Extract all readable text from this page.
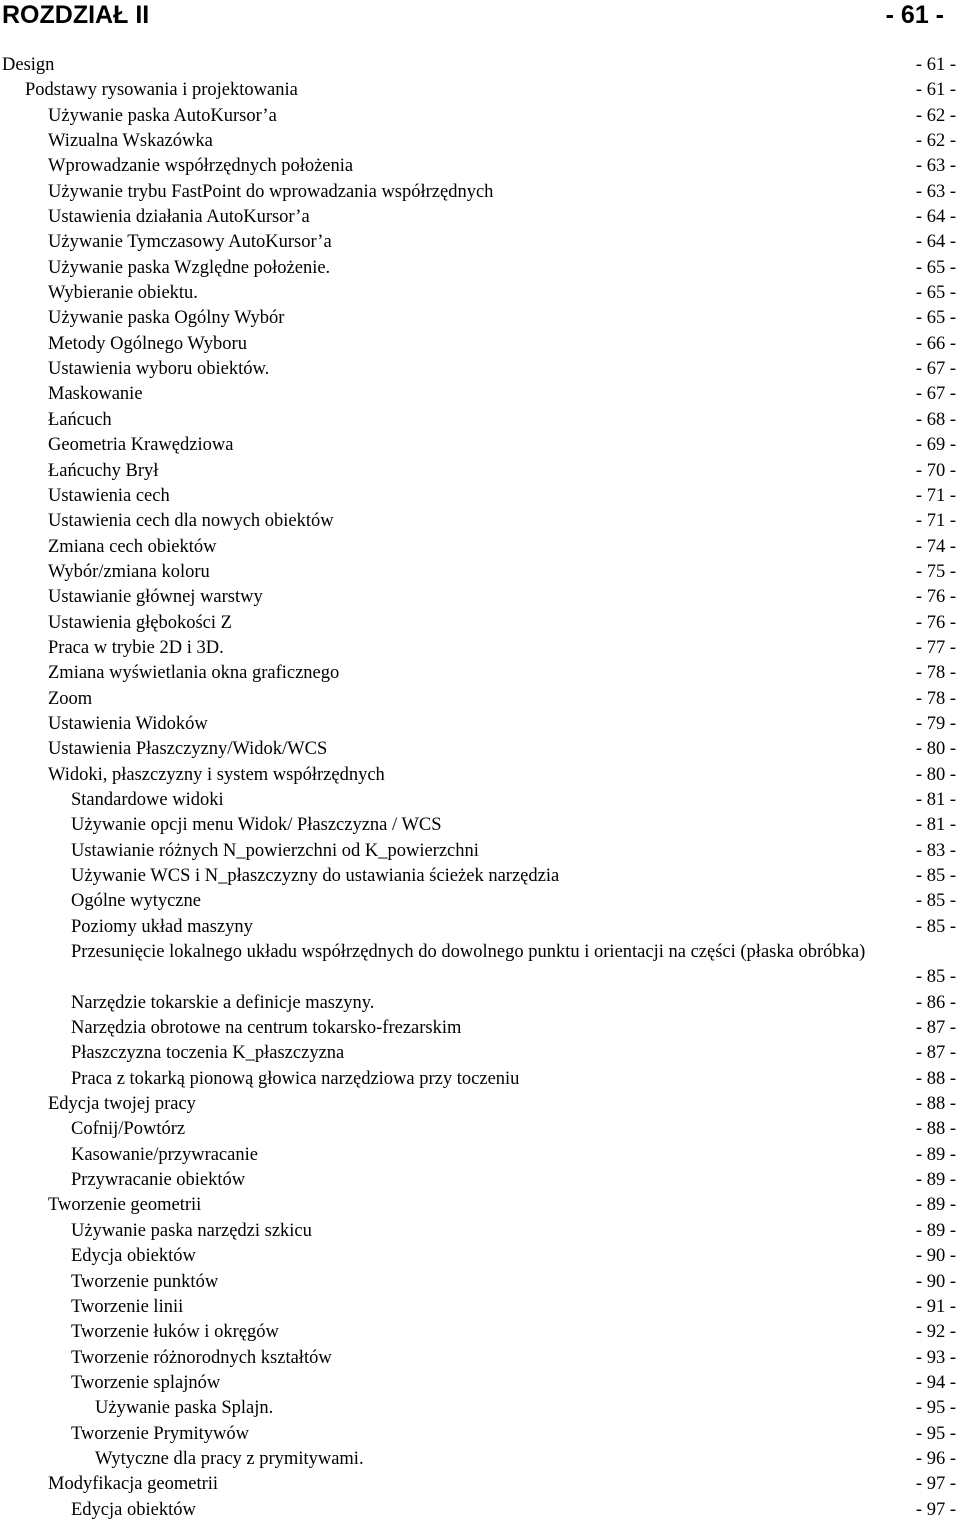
ROZDZIAŁ II	- 61 -
Design	- 61 -
Podstawy rysowania i projektowania	- 61 -
Używanie paska AutoKursor’a	- 62 -
Wizualna Wskazówka	- 62 -
Wprowadzanie współrzędnych położenia	- 63 -
Używanie trybu FastPoint do wprowadzania współrzędnych	- 63 -
Ustawienia działania AutoKursor’a	- 64 -
Używanie Tymczasowy AutoKursor’a	- 64 -
Używanie paska Względne położenie.	- 65 -
Wybieranie obiektu.	- 65 -
Używanie paska Ogólny Wybór	- 65 -
Metody Ogólnego Wyboru	- 66 -
Ustawienia wyboru obiektów.	- 67 -
Maskowanie	- 67 -
Łańcuch	- 68 -
Geometria Krawędziowa	- 69 -
Łańcuchy Brył	- 70 -
Ustawienia cech	- 71 -
Ustawienia cech dla nowych obiektów	- 71 -
Zmiana cech obiektów	- 74 -
Wybór/zmiana koloru	- 75 -
Ustawianie głównej warstwy	- 76 -
Ustawienia głębokości Z	- 76 -
Praca w trybie 2D i 3D.	- 77 -
Zmiana wyświetlania okna graficznego	- 78 -
Zoom	- 78 -
Ustawienia Widoków	- 79 -
Ustawienia Płaszczyzny/Widok/WCS	- 80 -
Widoki, płaszczyzny i system współrzędnych	- 80 -
Standardowe widoki	- 81 -
Używanie opcji menu Widok/ Płaszczyzna / WCS	- 81 -
Ustawianie różnych N_powierzchni od K_powierzchni	- 83 -
Używanie WCS i N_płaszczyzny do ustawiania ścieżek narzędzia	- 85 -
Ogólne wytyczne	- 85 -
Poziomy układ maszyny	- 85 -
Przesunięcie lokalnego układu współrzędnych do dowolnego punktu i orientacji na części (płaska obróbka)
- 85 -
Narzędzie tokarskie a definicje maszyny.	- 86 -
Narzędzia obrotowe na centrum tokarsko-frezarskim	- 87 -
Płaszczyzna toczenia K_płaszczyzna	- 87 -
Praca z tokarką pionową głowica narzędziowa przy toczeniu	- 88 -
Edycja twojej pracy	- 88 -
Cofnij/Powtórz	- 88 -
Kasowanie/przywracanie	- 89 -
Przywracanie obiektów	- 89 -
Tworzenie geometrii	- 89 -
Używanie paska narzędzi szkicu	- 89 -
Edycja obiektów	- 90 -
Tworzenie punktów	- 90 -
Tworzenie linii	- 91 -
Tworzenie łuków i okręgów	- 92 -
Tworzenie różnorodnych kształtów	- 93 -
Tworzenie splajnów	- 94 -
Używanie paska Splajn.	- 95 -
Tworzenie Prymitywów	- 95 -
Wytyczne dla pracy z prymitywami.	- 96 -
Modyfikacja geometrii	- 97 -
Edycja obiektów	- 97 -
